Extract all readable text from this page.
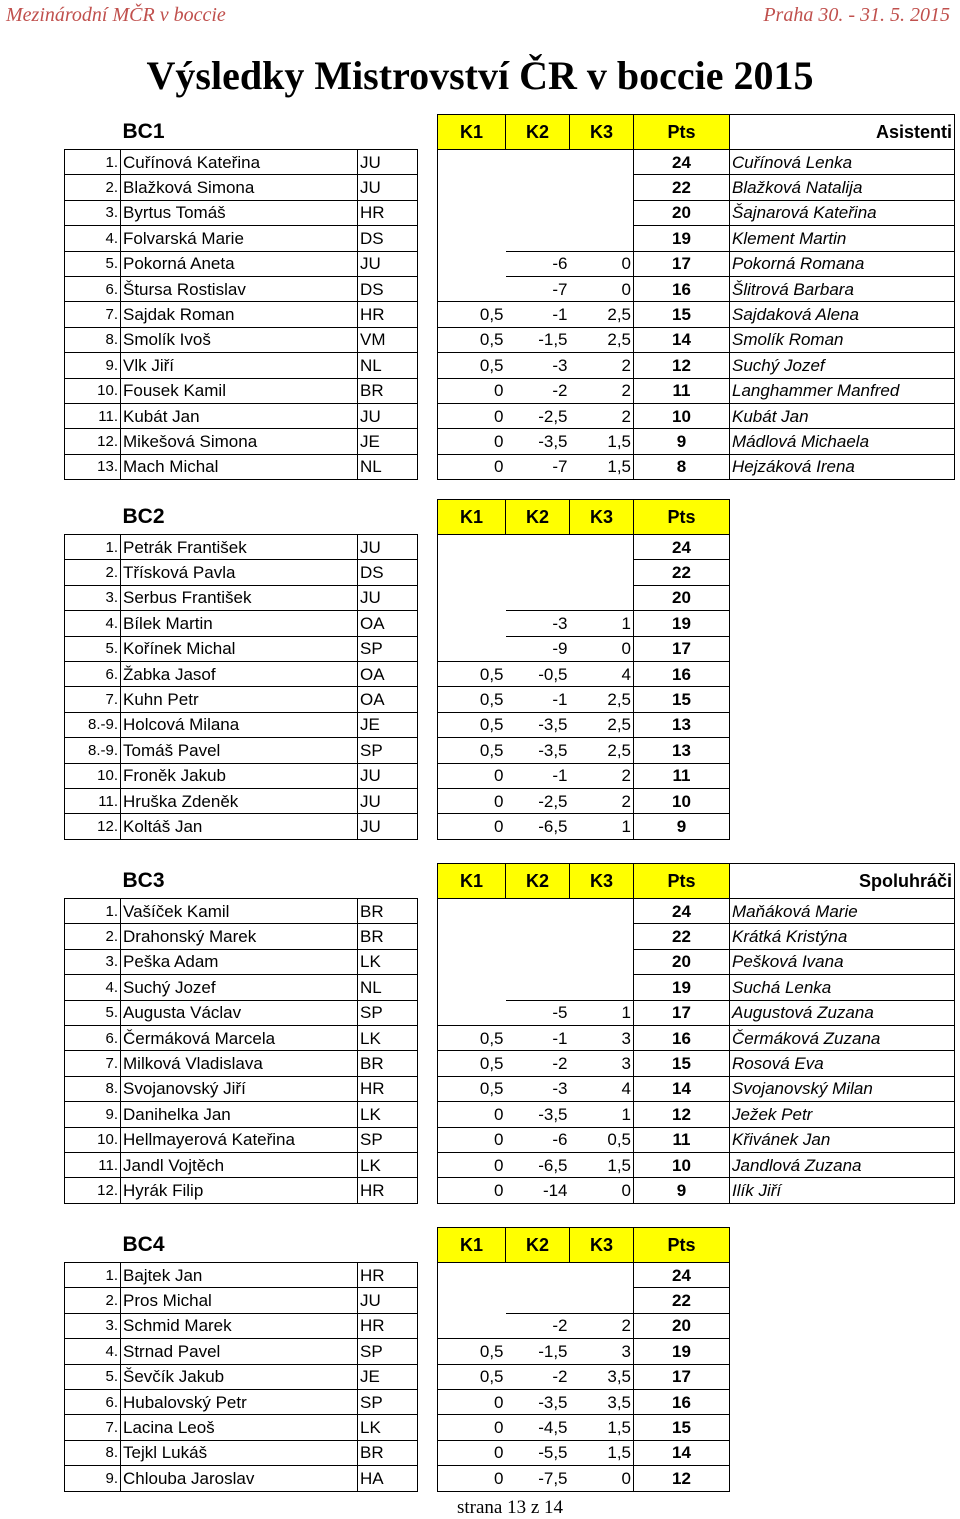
Mezinárodní MČR v boccie	Praha 30. - 31. 5. 2015
Výsledky Mistrovství ČR v boccie 2015
	BC1			K1	K2	K3	Pts	Asistenti
1.	Cuřínová Kateřina	JU					24	Cuřínová Lenka
2.	Blažková Simona	JU					22	Blažková Natalija
3.	Byrtus Tomáš	HR					20	Šajnarová Kateřina
4.	Folvarská Marie	DS					19	Klement Martin
5.	Pokorná Aneta	JU			-6	0	17	Pokorná Romana
6.	Štursa Rostislav	DS			-7	0	16	Šlitrová Barbara
7.	Sajdak Roman	HR		0,5	-1	2,5	15	Sajdaková Alena
8.	Smolík Ivoš	VM		0,5	-1,5	2,5	14	Smolík Roman
9.	Vlk Jiří	NL		0,5	-3	2	12	Suchý Jozef
10.	Fousek Kamil	BR		0	-2	2	11	Langhammer Manfred
11.	Kubát Jan	JU		0	-2,5	2	10	Kubát Jan
12.	Mikešová Simona	JE		0	-3,5	1,5	9	Mádlová Michaela
13.	Mach Michal	NL		0	-7	1,5	8	Hejzáková Irena
	BC2			K1	K2	K3	Pts
1.	Petrák František	JU					24
2.	Třísková Pavla	DS					22
3.	Serbus František	JU					20
4.	Bílek Martin	OA			-3	1	19
5.	Kořínek Michal	SP			-9	0	17
6.	Žabka Jasof	OA		0,5	-0,5	4	16
7.	Kuhn Petr	OA		0,5	-1	2,5	15
8.-9.	Holcová Milana	JE		0,5	-3,5	2,5	13
8.-9.	Tomáš Pavel	SP		0,5	-3,5	2,5	13
10.	Froněk Jakub	JU		0	-1	2	11
11.	Hruška Zdeněk	JU		0	-2,5	2	10
12.	Koltáš Jan	JU		0	-6,5	1	9
	BC3			K1	K2	K3	Pts	Spoluhráči
1.	Vašíček Kamil	BR					24	Maňáková Marie
2.	Drahonský Marek	BR					22	Krátká Kristýna
3.	Peška Adam	LK					20	Pešková Ivana
4.	Suchý Jozef	NL					19	Suchá Lenka
5.	Augusta Václav	SP			-5	1	17	Augustová Zuzana
6.	Čermáková Marcela	LK		0,5	-1	3	16	Čermáková Zuzana
7.	Milková Vladislava	BR		0,5	-2	3	15	Rosová Eva
8.	Svojanovský Jiří	HR		0,5	-3	4	14	Svojanovský Milan
9.	Danihelka Jan	LK		0	-3,5	1	12	Ježek Petr
10.	Hellmayerová Kateřina	SP		0	-6	0,5	11	Křivánek Jan
11.	Jandl Vojtěch	LK		0	-6,5	1,5	10	Jandlová Zuzana
12.	Hyrák Filip	HR		0	-14	0	9	Ilík Jiří
	BC4			K1	K2	K3	Pts
1.	Bajtek Jan	HR					24
2.	Pros Michal	JU					22
3.	Schmid Marek	HR			-2	2	20
4.	Strnad Pavel	SP		0,5	-1,5	3	19
5.	Ševčík Jakub	JE		0,5	-2	3,5	17
6.	Hubalovský Petr	SP		0	-3,5	3,5	16
7.	Lacina Leoš	LK		0	-4,5	1,5	15
8.	Tejkl Lukáš	BR		0	-5,5	1,5	14
9.	Chlouba Jaroslav	HA		0	-7,5	0	12
strana 13 z 14
